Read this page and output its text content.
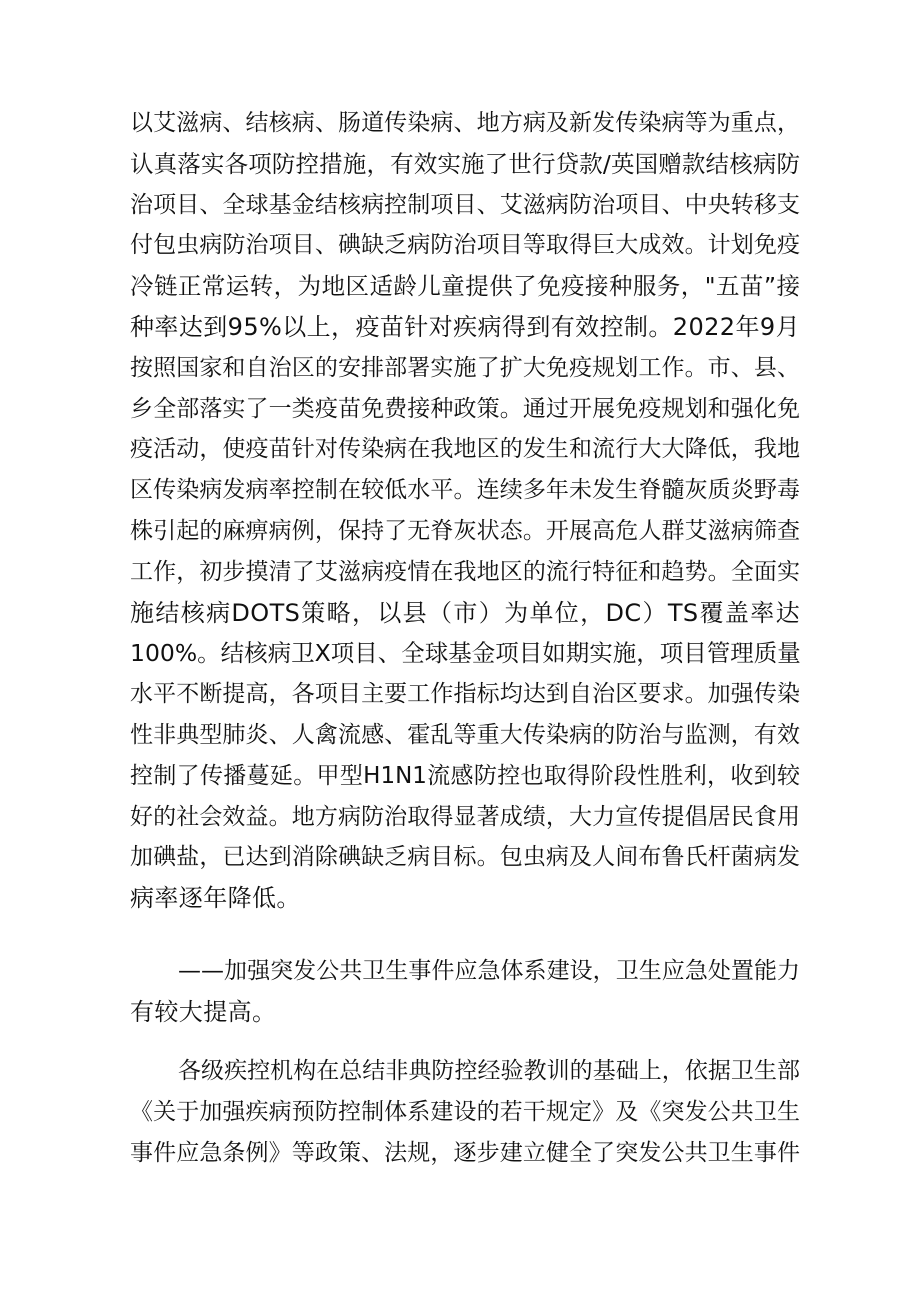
以艾滋病、结核病、肠道传染病、地方病及新发传染病等为重点，
认真落实各项防控措施，有效实施了世行贷款/英国赠款结核病防
治项目、全球基金结核病控制项目、艾滋病防治项目、中央转移支
付包虫病防治项目、碘缺乏病防治项目等取得巨大成效。计划免疫
冷链正常运转，为地区适龄儿童提供了免疫接种服务，"五苗”接
种率达到95%以上，疫苗针对疾病得到有效控制。2022年9月
按照国家和自治区的安排部署实施了扩大免疫规划工作。市、县、
乡全部落实了一类疫苗免费接种政策。通过开展免疫规划和强化免
疫活动，使疫苗针对传染病在我地区的发生和流行大大降低，我地
区传染病发病率控制在较低水平。连续多年未发生脊髓灰质炎野毒
株引起的麻痹病例，保持了无脊灰状态。开展高危人群艾滋病筛查
工作，初步摸清了艾滋病疫情在我地区的流行特征和趋势。全面实
施结核病DOTS策略，以县（市）为单位，DC）TS覆盖率达
100%。结核病卫X项目、全球基金项目如期实施，项目管理质量
水平不断提高，各项目主要工作指标均达到自治区要求。加强传染
性非典型肺炎、人禽流感、霍乱等重大传染病的防治与监测，有效
控制了传播蔓延。甲型H1N1流感防控也取得阶段性胜利，收到较
好的社会效益。地方病防治取得显著成绩，大力宣传提倡居民食用
加碘盐，已达到消除碘缺乏病目标。包虫病及人间布鲁氏杆菌病发
病率逐年降低。
——加强突发公共卫生事件应急体系建设，卫生应急处置能力
有较大提高。
各级疾控机构在总结非典防控经验教训的基础上，依据卫生部
《关于加强疾病预防控制体系建设的若干规定》及《突发公共卫生
事件应急条例》等政策、法规，逐步建立健全了突发公共卫生事件
